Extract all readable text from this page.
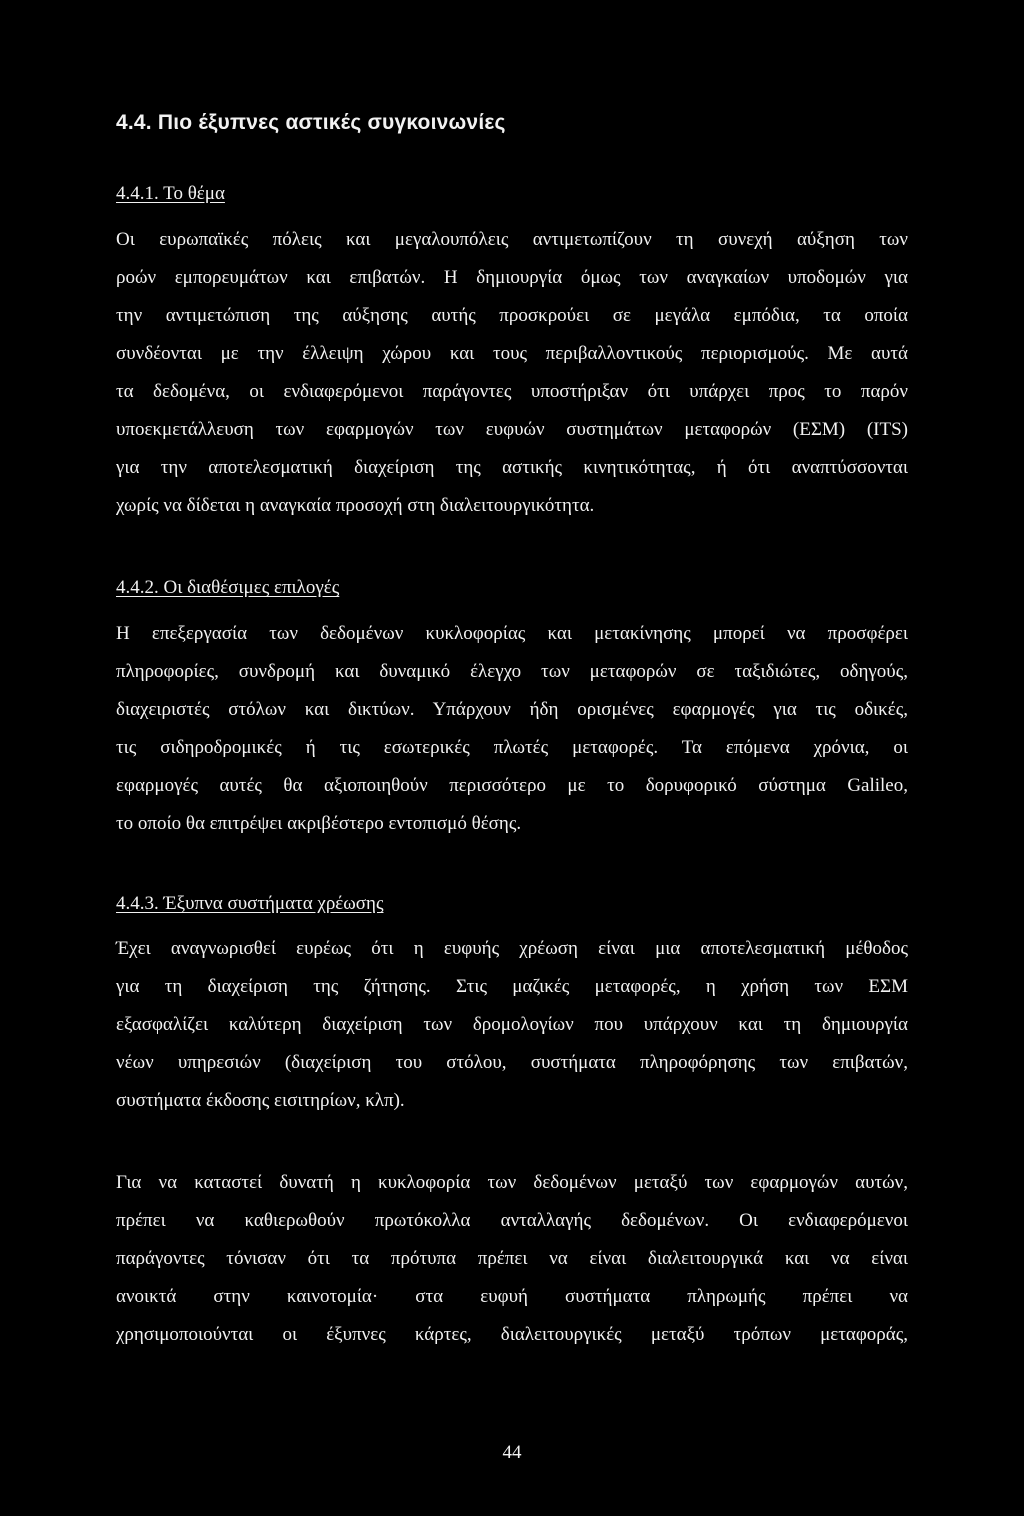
4.4. Πιο έξυπνες αστικές συγκοινωνίες
4.4.1. Το θέμα
Οι ευρωπαϊκές πόλεις και μεγαλουπόλεις αντιμετωπίζουν τη συνεχή αύξηση των
ροών εμπορευμάτων και επιβατών. Η δημιουργία όμως των αναγκαίων υποδομών για
την αντιμετώπιση της αύξησης αυτής προσκρούει σε μεγάλα εμπόδια, τα οποία
συνδέονται με την έλλειψη χώρου και τους περιβαλλοντικούς περιορισμούς. Με αυτά
τα δεδομένα, οι ενδιαφερόμενοι παράγοντες υποστήριξαν ότι υπάρχει προς το παρόν
υποεκμετάλλευση των εφαρμογών των ευφυών συστημάτων μεταφορών (ΕΣΜ) (ITS)
για την αποτελεσματική διαχείριση της αστικής κινητικότητας, ή ότι αναπτύσσονται
χωρίς να δίδεται η αναγκαία προσοχή στη διαλειτουργικότητα.
4.4.2. Οι διαθέσιμες επιλογές
Η επεξεργασία των δεδομένων κυκλοφορίας και μετακίνησης μπορεί να προσφέρει
πληροφορίες, συνδρομή και δυναμικό έλεγχο των μεταφορών σε ταξιδιώτες, οδηγούς,
διαχειριστές στόλων και δικτύων. Υπάρχουν ήδη ορισμένες εφαρμογές για τις οδικές,
τις σιδηροδρομικές ή τις εσωτερικές πλωτές μεταφορές. Τα επόμενα χρόνια, οι
εφαρμογές αυτές θα αξιοποιηθούν περισσότερο με το δορυφορικό σύστημα Galileo,
το οποίο θα επιτρέψει ακριβέστερο εντοπισμό θέσης.
4.4.3. Έξυπνα συστήματα χρέωσης
Έχει αναγνωρισθεί ευρέως ότι η ευφυής χρέωση είναι μια αποτελεσματική μέθοδος
για τη διαχείριση της ζήτησης. Στις μαζικές μεταφορές, η χρήση των ΕΣΜ
εξασφαλίζει καλύτερη διαχείριση των δρομολογίων που υπάρχουν και τη δημιουργία
νέων υπηρεσιών (διαχείριση του στόλου, συστήματα πληροφόρησης των επιβατών,
συστήματα έκδοσης εισιτηρίων, κλπ).
Για να καταστεί δυνατή η κυκλοφορία των δεδομένων μεταξύ των εφαρμογών αυτών,
πρέπει να καθιερωθούν πρωτόκολλα ανταλλαγής δεδομένων. Οι ενδιαφερόμενοι
παράγοντες τόνισαν ότι τα πρότυπα πρέπει να είναι διαλειτουργικά και να είναι
ανοικτά στην καινοτομία· στα ευφυή συστήματα πληρωμής πρέπει να
χρησιμοποιούνται οι έξυπνες κάρτες, διαλειτουργικές μεταξύ τρόπων μεταφοράς,
44
